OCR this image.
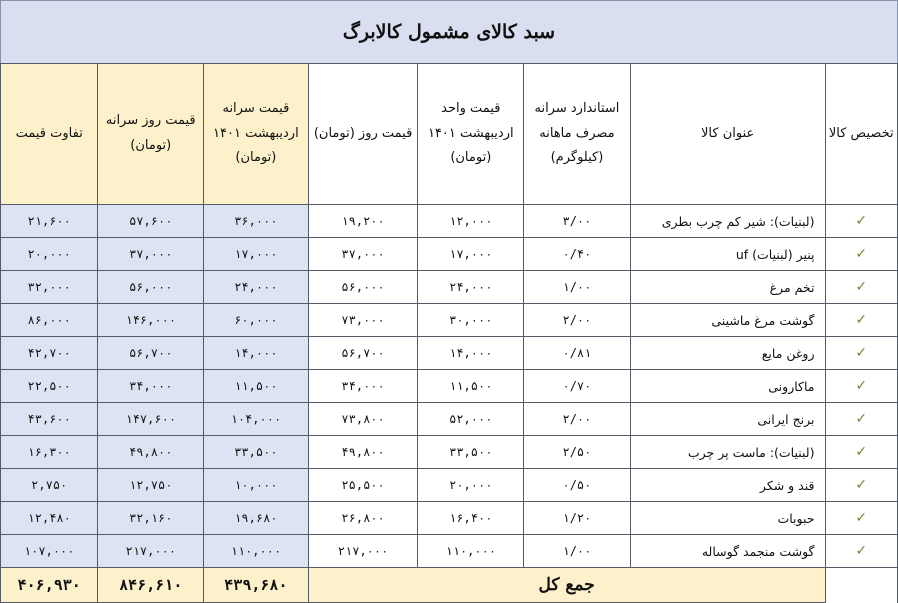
سبد کالای مشمول کالابرگ
تخصیص کالا	عنوان کالا	استاندارد سرانه مصرف ماهانه (کیلوگرم)	قیمت واحد اردیبهشت ۱۴۰۱ (تومان)	قیمت روز (تومان)	قیمت سرانه اردیبهشت ۱۴۰۱ (تومان)	قیمت روز سرانه (تومان)	تفاوت قیمت
✓	(لبنیات): شیر کم چرب بطری	۳/۰۰	۱۲,۰۰۰	۱۹,۲۰۰	۳۶,۰۰۰	۵۷,۶۰۰	۲۱,۶۰۰
✓	پنیر (لبنیات) uf	۰/۴۰	۱۷,۰۰۰	۳۷,۰۰۰	۱۷,۰۰۰	۳۷,۰۰۰	۲۰,۰۰۰
✓	تخم مرغ	۱/۰۰	۲۴,۰۰۰	۵۶,۰۰۰	۲۴,۰۰۰	۵۶,۰۰۰	۳۲,۰۰۰
✓	گوشت مرغ ماشینی	۲/۰۰	۳۰,۰۰۰	۷۳,۰۰۰	۶۰,۰۰۰	۱۴۶,۰۰۰	۸۶,۰۰۰
✓	روغن مایع	۰/۸۱	۱۴,۰۰۰	۵۶,۷۰۰	۱۴,۰۰۰	۵۶,۷۰۰	۴۲,۷۰۰
✓	ماکارونی	۰/۷۰	۱۱,۵۰۰	۳۴,۰۰۰	۱۱,۵۰۰	۳۴,۰۰۰	۲۲,۵۰۰
✓	برنج ایرانی	۲/۰۰	۵۲,۰۰۰	۷۳,۸۰۰	۱۰۴,۰۰۰	۱۴۷,۶۰۰	۴۳,۶۰۰
✓	(لبنیات): ماست پر چرب	۲/۵۰	۳۳,۵۰۰	۴۹,۸۰۰	۳۳,۵۰۰	۴۹,۸۰۰	۱۶,۳۰۰
✓	قند و شکر	۰/۵۰	۲۰,۰۰۰	۲۵,۵۰۰	۱۰,۰۰۰	۱۲,۷۵۰	۲,۷۵۰
✓	حبوبات	۱/۲۰	۱۶,۴۰۰	۲۶,۸۰۰	۱۹,۶۸۰	۳۲,۱۶۰	۱۲,۴۸۰
✓	گوشت منجمد گوساله	۱/۰۰	۱۱۰,۰۰۰	۲۱۷,۰۰۰	۱۱۰,۰۰۰	۲۱۷,۰۰۰	۱۰۷,۰۰۰
	جمع کل				۴۳۹,۶۸۰	۸۴۶,۶۱۰	۴۰۶,۹۳۰
